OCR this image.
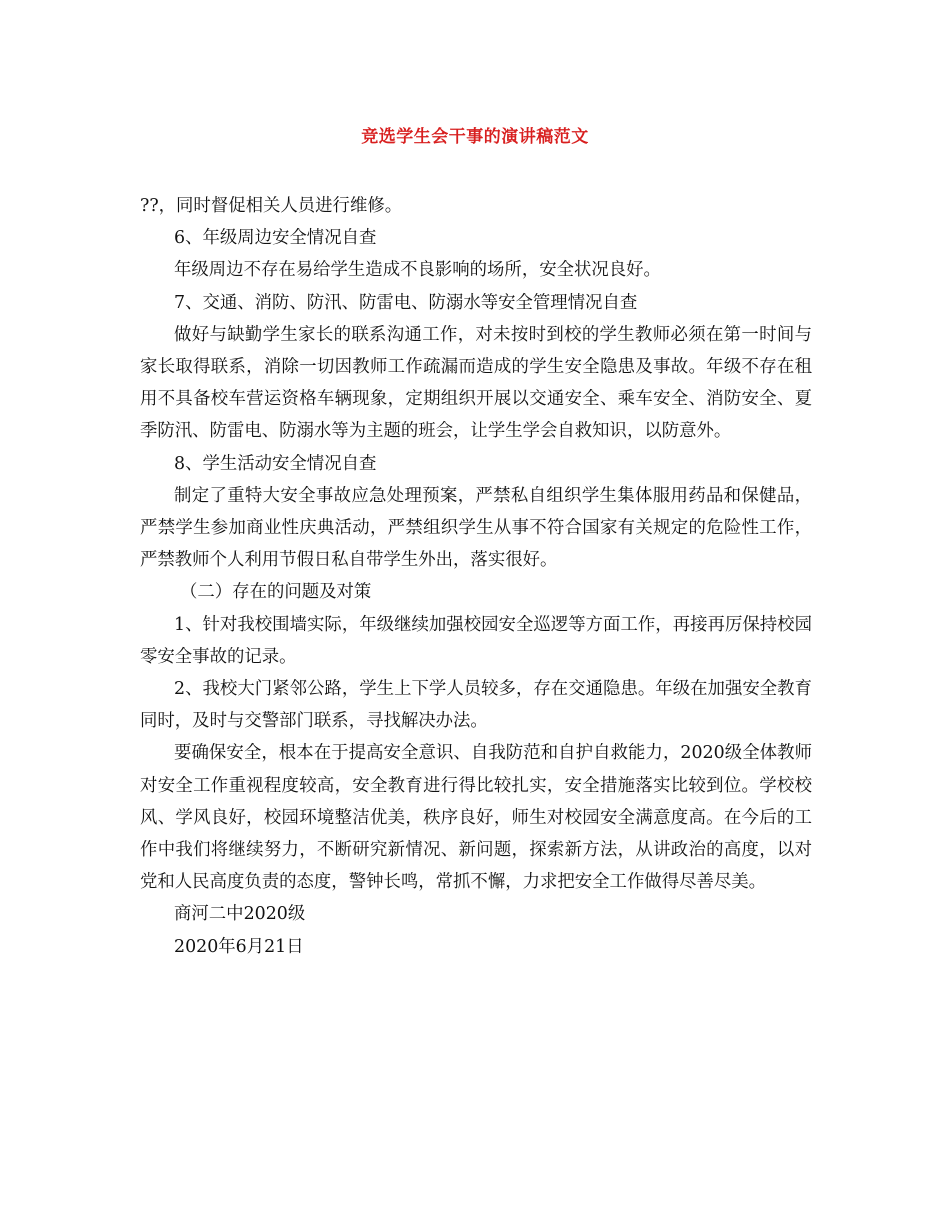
竞选学生会干事的演讲稿范文

??，同时督促相关人员进行维修。

6、年级周边安全情况自查

年级周边不存在易给学生造成不良影响的场所，安全状况良好。

7、交通、消防、防汛、防雷电、防溺水等安全管理情况自查

做好与缺勤学生家长的联系沟通工作，对未按时到校的学生教师必须在第一时间与家长取得联系，消除一切因教师工作疏漏而造成的学生安全隐患及事故。年级不存在租用不具备校车营运资格车辆现象，定期组织开展以交通安全、乘车安全、消防安全、夏季防汛、防雷电、防溺水等为主题的班会，让学生学会自救知识，以防意外。

8、学生活动安全情况自查

制定了重特大安全事故应急处理预案，严禁私自组织学生集体服用药品和保健品，严禁学生参加商业性庆典活动，严禁组织学生从事不符合国家有关规定的危险性工作，严禁教师个人利用节假日私自带学生外出，落实很好。

（二）存在的问题及对策

1、针对我校围墙实际，年级继续加强校园安全巡逻等方面工作，再接再厉保持校园零安全事故的记录。

2、我校大门紧邻公路，学生上下学人员较多，存在交通隐患。年级在加强安全教育同时，及时与交警部门联系，寻找解决办法。

要确保安全，根本在于提高安全意识、自我防范和自护自救能力，2020级全体教师对安全工作重视程度较高，安全教育进行得比较扎实，安全措施落实比较到位。学校校风、学风良好，校园环境整洁优美，秩序良好，师生对校园安全满意度高。在今后的工作中我们将继续努力，不断研究新情况、新问题，探索新方法，从讲政治的高度，以对党和人民高度负责的态度，警钟长鸣，常抓不懈，力求把安全工作做得尽善尽美。

商河二中2020级

2020年6月21日
